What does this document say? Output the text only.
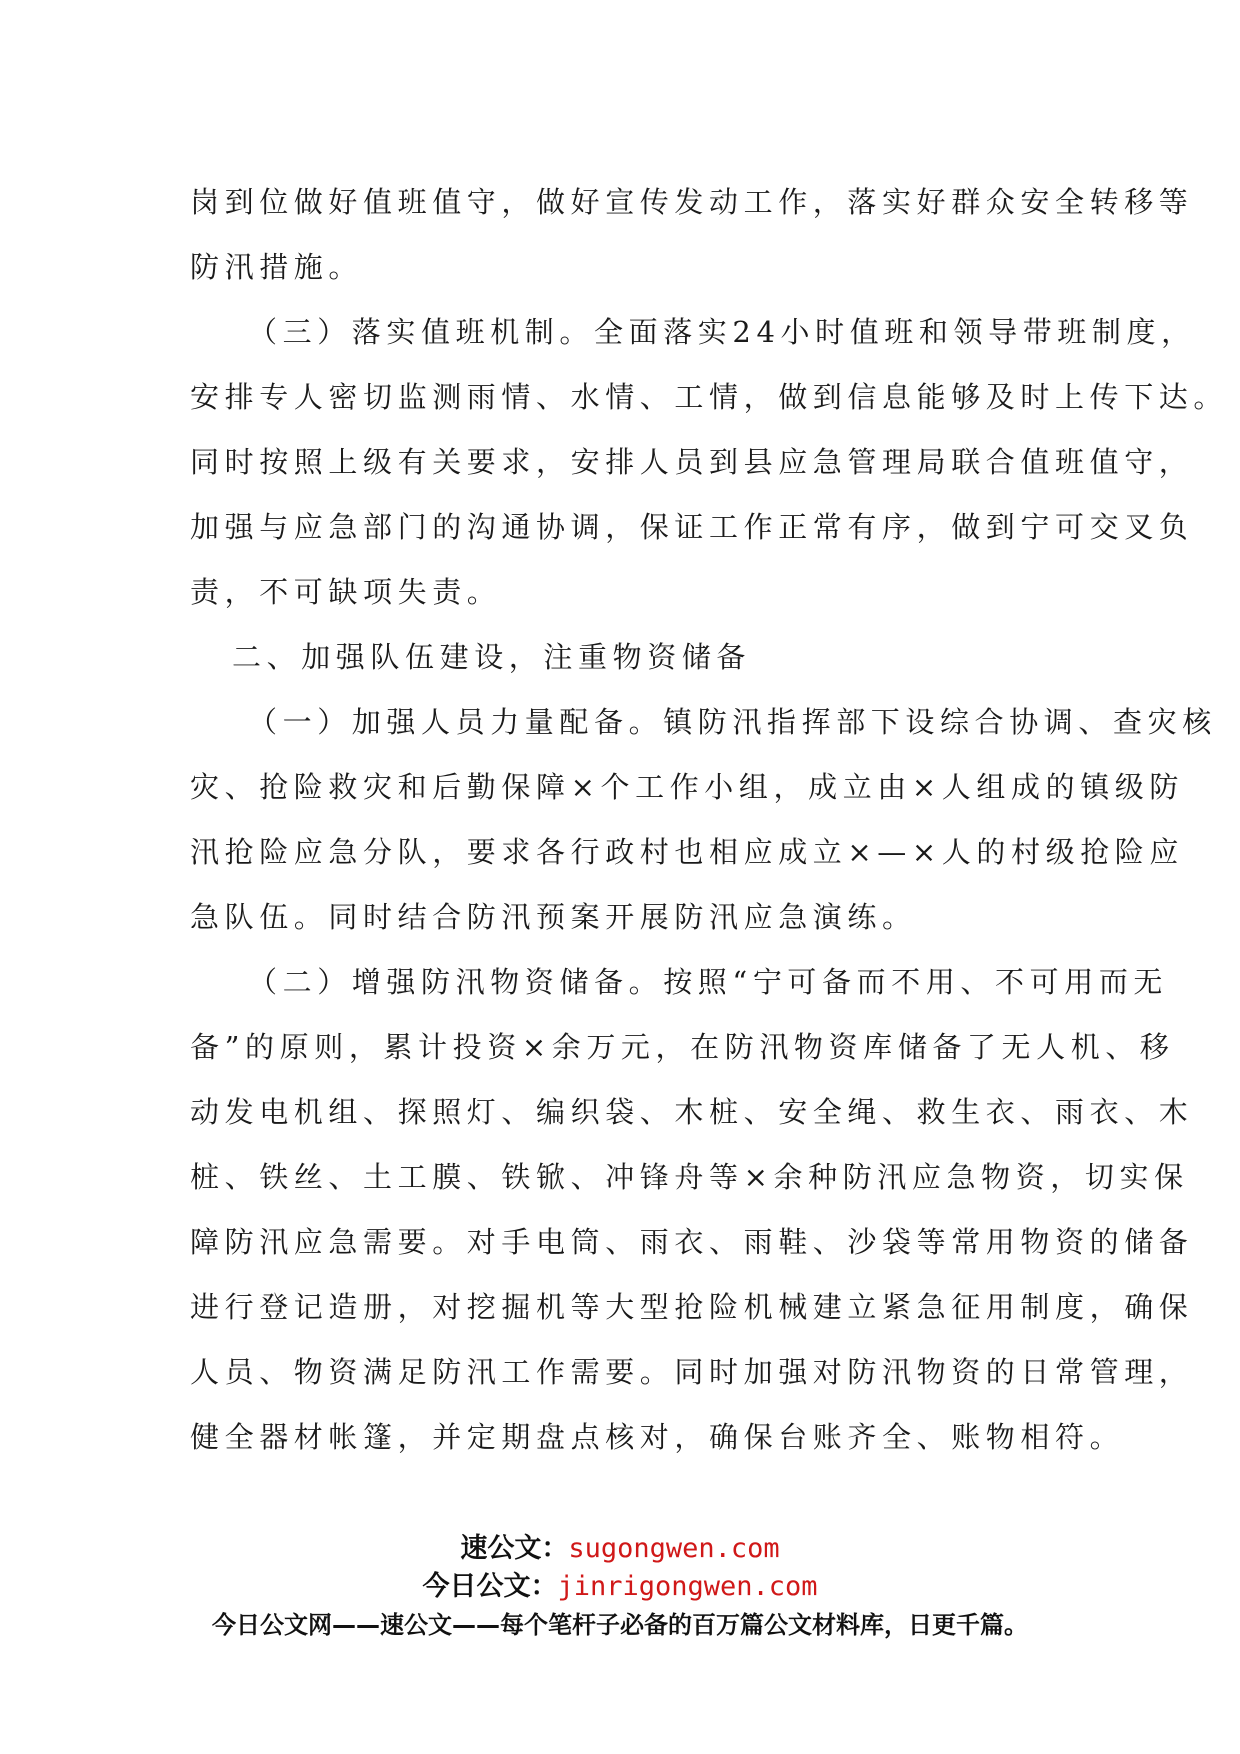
岗到位做好值班值守，做好宣传发动工作，落实好群众安全转移等
防汛措施。
（三）落实值班机制。全面落实24小时值班和领导带班制度，
安排专人密切监测雨情、水情、工情，做到信息能够及时上传下达。
同时按照上级有关要求，安排人员到县应急管理局联合值班值守，
加强与应急部门的沟通协调，保证工作正常有序，做到宁可交叉负
责，不可缺项失责。
二、加强队伍建设，注重物资储备
（一）加强人员力量配备。镇防汛指挥部下设综合协调、查灾核
灾、抢险救灾和后勤保障×个工作小组，成立由×人组成的镇级防
汛抢险应急分队，要求各行政村也相应成立×—×人的村级抢险应
急队伍。同时结合防汛预案开展防汛应急演练。
（二）增强防汛物资储备。按照“宁可备而不用、不可用而无
备”的原则，累计投资×余万元，在防汛物资库储备了无人机、移
动发电机组、探照灯、编织袋、木桩、安全绳、救生衣、雨衣、木
桩、铁丝、土工膜、铁锨、冲锋舟等×余种防汛应急物资，切实保
障防汛应急需要。对手电筒、雨衣、雨鞋、沙袋等常用物资的储备
进行登记造册，对挖掘机等大型抢险机械建立紧急征用制度，确保
人员、物资满足防汛工作需要。同时加强对防汛物资的日常管理，
健全器材帐篷，并定期盘点核对，确保台账齐全、账物相符。
速公文：sugongwen.com
今日公文：jinrigongwen.com
今日公文网——速公文——每个笔杆子必备的百万篇公文材料库，日更千篇。
